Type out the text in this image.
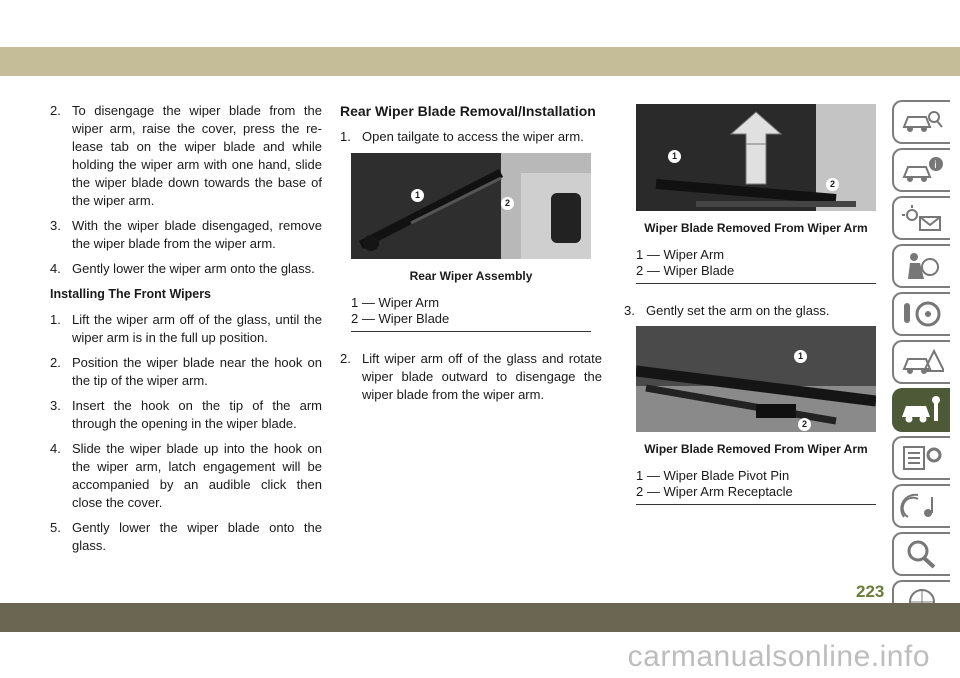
2. To disengage the wiper blade from the wiper arm, raise the cover, press the release tab on the wiper blade and while holding the wiper arm with one hand, slide the wiper blade down towards the base of the wiper arm.
3. With the wiper blade disengaged, remove the wiper blade from the wiper arm.
4. Gently lower the wiper arm onto the glass.
Installing The Front Wipers
1. Lift the wiper arm off of the glass, until the wiper arm is in the full up position.
2. Position the wiper blade near the hook on the tip of the wiper arm.
3. Insert the hook on the tip of the arm through the opening in the wiper blade.
4. Slide the wiper blade up into the hook on the wiper arm, latch engagement will be accompanied by an audible click then close the cover.
5. Gently lower the wiper blade onto the glass.
Rear Wiper Blade Removal/Installation
1. Open tailgate to access the wiper arm.
1
2
Rear Wiper Assembly
1 — Wiper Arm
2 — Wiper Blade
2. Lift wiper arm off of the glass and rotate wiper blade outward to disengage the wiper blade from the wiper arm.
1
2
Wiper Blade Removed From Wiper Arm
1 — Wiper Arm
2 — Wiper Blade
3. Gently set the arm on the glass.
1
2
Wiper Blade Removed From Wiper Arm
1 — Wiper Blade Pivot Pin
2 — Wiper Arm Receptacle
i
223
carmanualsonline.info
